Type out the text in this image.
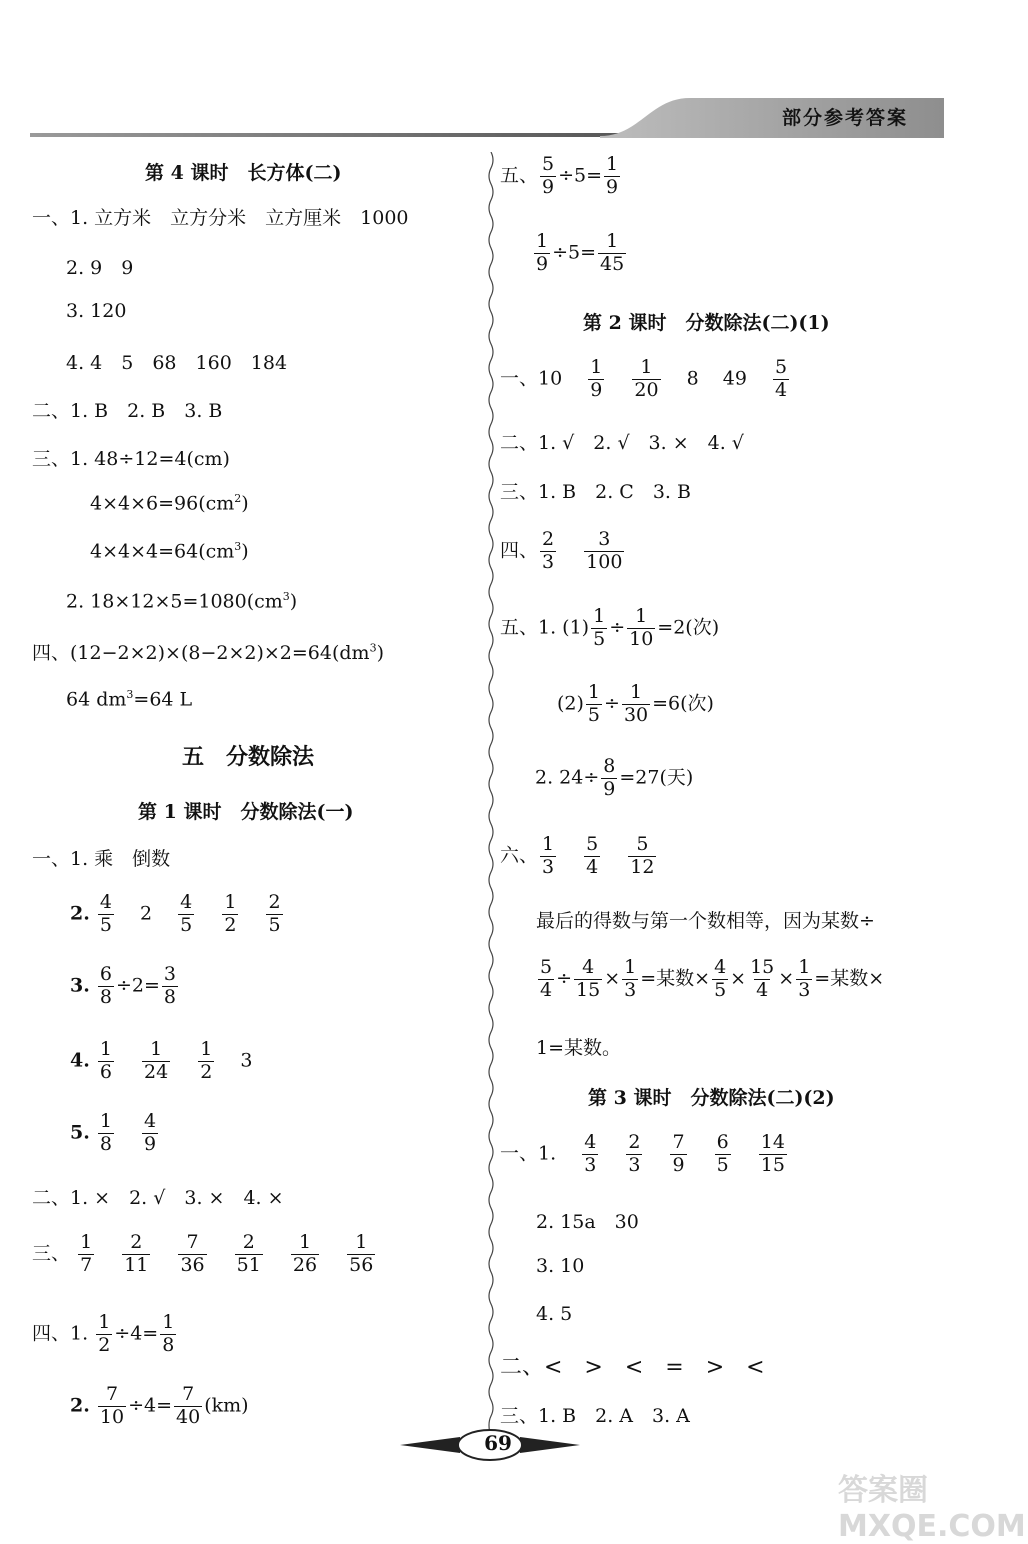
部分参考答案
第 4 课时　长方体(二)
一、1. 立方米　立方分米　立方厘米　1000
2. 9　9
3. 120
4. 4　5　68　160　184
二、1. B　2. B　3. B
三、1. 48÷12=4(cm)
$4\times 4\times 6=96(cm^2)$
$4\times 4\times 4=64(cm^3)$
2. $18\times 12\times 5=1080(cm^3)$
四、$(12-2\times 2)\times(8-2\times 2)\times 2=64(dm^3)$
64 $dm^3=64$ L
五　分数除法
第 1 课时　分数除法(一)
一、1. 乘　倒数
2. $\frac{4}{5} 2 \frac{4}{5}$
$\frac{1}{2}$
$\frac{2}{5}$
3. $\frac{6}{8} \div 2= \frac{3}{8}$
4. $\frac{1}{6}$
$\frac{1}{24}$
$\frac{1}{2} 3$
5. $\frac{1}{8}$
$\frac{4}{9}$
二、1. ×　2. √　3. ×　4. ×
三、 $\frac{1}{7}$
$\frac{2}{11}$
$\frac{7}{36}$
$\frac{2}{51}$
$\frac{1}{26}$
$\frac{1}{56}$
四、1. $\frac{1}{2} \div 4= \frac{1}{8}$
2. $\frac{7}{10} \div 4= \frac{7}{40} (km)$
五、 $\frac{5}{9} \div 5= \frac{1}{9}$
$\frac{1}{9} \div 5= \frac{1}{45}$
第 2 课时　分数除法(二)(1)
一、$10 \frac{1}{9}$
$\frac{1}{20} 8$ $49 \frac{5}{4}$
二、1. √　2. √　3. ×　4. √
三、1. B　2. C　3. B
四、 $\frac{2}{3}$
$\frac{3}{100}$
五、1. $(1) \frac{1}{5} \div \frac{1}{10} =2$(次)
$(2) \frac{1}{5} \div \frac{1}{30} =6$(次)
2. $24\div \frac{8}{9} =27$(天)
六、 $\frac{1}{3}$
$\frac{5}{4}$
$\frac{5}{12}$
最后的得数与第一个数相等，因为某数÷
$\frac{5}{4} \div \frac{4}{15} \times \frac{1}{3}$ =某数× $\frac{4}{5} \times \frac{15}{4} \times \frac{1}{3}$ =某数×
1=某数。
第 3 课时　分数除法(二)(2)
一、1. $\frac{4}{3}$
$\frac{2}{3}$
$\frac{7}{9}$
$\frac{6}{5}$
$\frac{14}{15}$
2. 15a　30
3. 10
4. 5
二、<　>　<　=　>　<
三、1. B　2. A　3. A
69
答案圈 MXQE.COM
